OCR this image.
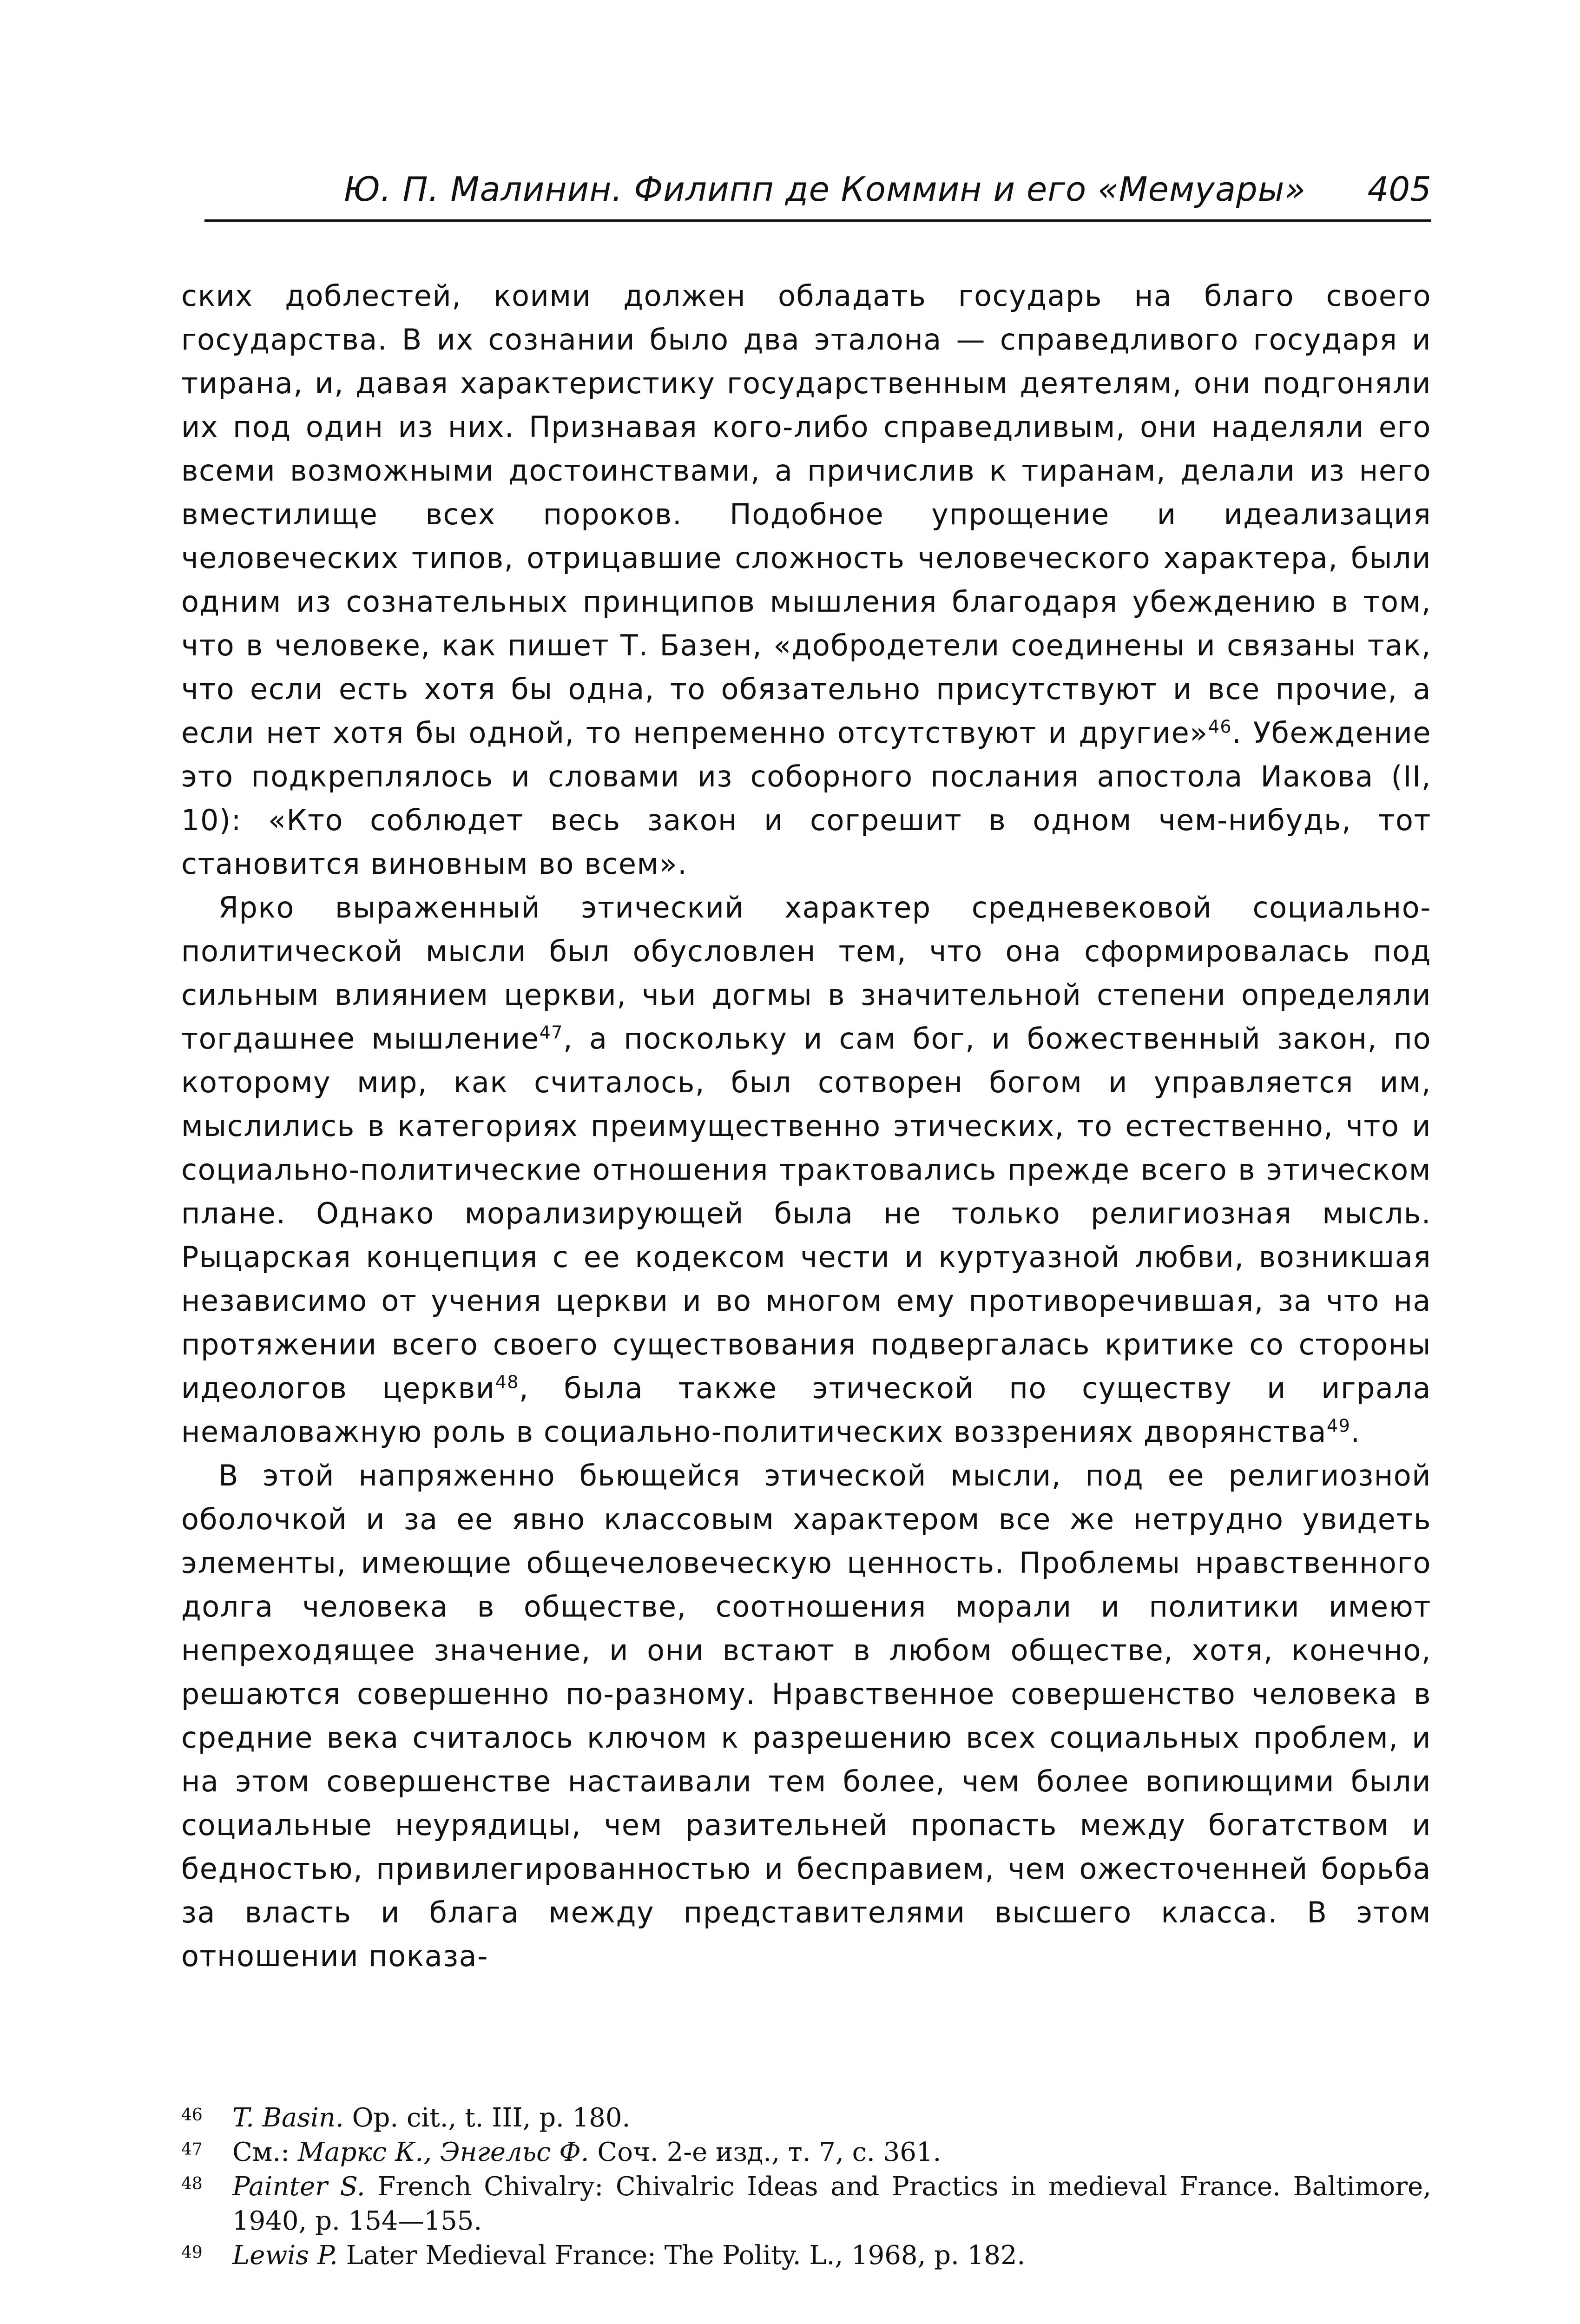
Ю. П. Малинин. Филипп де Коммин и его «Мемуары» 405

ских доблестей, коими должен обладать государь на благо своего государства. В их сознании было два эталона — справедливого государя и тирана, и, давая характеристику государственным деятелям, они подгоняли их под один из них. Признавая кого-либо справедливым, они наделяли его всеми возможными достоинствами, а причислив к тиранам, делали из него вместилище всех пороков. Подобное упрощение и идеализация человеческих типов, отрицавшие сложность человеческого характера, были одним из сознательных принципов мышления благодаря убеждению в том, что в человеке, как пишет Т. Базен, «добродетели соединены и связаны так, что если есть хотя бы одна, то обязательно присутствуют и все прочие, а если нет хотя бы одной, то непременно отсутствуют и другие»$^{46}$. Убеждение это подкреплялось и словами из соборного послания апостола Иакова (II, 10): «Кто соблюдет весь закон и согрешит в одном чем-нибудь, тот становится виновным во всем».

Ярко выраженный этический характер средневековой социально-политической мысли был обусловлен тем, что она сформировалась под сильным влиянием церкви, чьи догмы в значительной степени определяли тогдашнее мышление$^{47}$, а поскольку и сам бог, и божественный закон, по которому мир, как считалось, был сотворен богом и управляется им, мыслились в категориях преимущественно этических, то естественно, что и социально-политические отношения трактовались прежде всего в этическом плане. Однако морализирующей была не только религиозная мысль. Рыцарская концепция с ее кодексом чести и куртуазной любви, возникшая независимо от учения церкви и во многом ему противоречившая, за что на протяжении всего своего существования подвергалась критике со стороны идеологов церкви$^{48}$, была также этической по существу и играла немаловажную роль в социально-политических воззрениях дворянства$^{49}$.

В этой напряженно бьющейся этической мысли, под ее религиозной оболочкой и за ее явно классовым характером все же нетрудно увидеть элементы, имеющие общечеловеческую ценность. Проблемы нравственного долга человека в обществе, соотношения морали и политики имеют непреходящее значение, и они встают в любом обществе, хотя, конечно, решаются совершенно по-разному. Нравственное совершенство человека в средние века считалось ключом к разрешению всех социальных проблем, и на этом совершенстве настаивали тем более, чем более вопиющими были социальные неурядицы, чем разительней пропасть между богатством и бедностью, привилегированностью и бесправием, чем ожесточенней борьба за власть и блага между представителями высшего класса. В этом отношении показа-

46 T. Basin. Op. cit., t. III, p. 180.
47 См.: Маркс К., Энгельс Ф. Соч. 2-е изд., т. 7, с. 361.
48 Painter S. French Chivalry: Chivalric Ideas and Practics in medieval France. Baltimore, 1940, p. 154—155.
49 Lewis P. Later Medieval France: The Polity. L., 1968, p. 182.
